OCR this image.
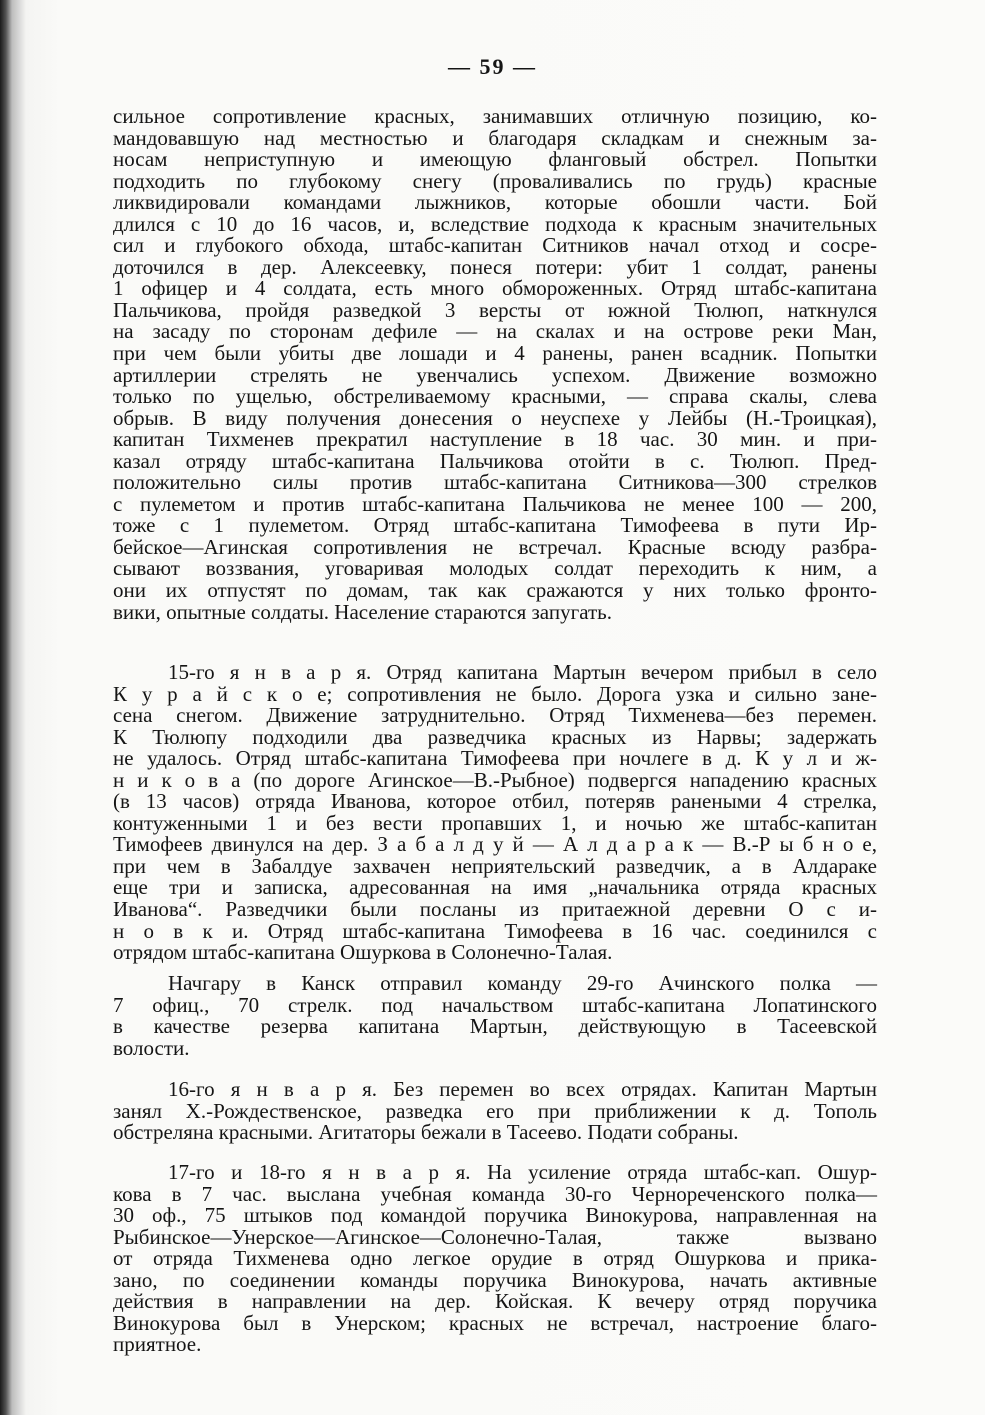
— 59 —
сильное сопротивление красных, занимавших отличную позицию, ко-
мандовавшую над местностью и благодаря складкам и снежным за-
носам неприступную и имеющую фланговый обстрел. Попытки
подходить по глубокому снегу (проваливались по грудь) красные
ликвидировали командами лыжников, которые обошли части. Бой
длился с 10 до 16 часов, и, вследствие подхода к красным значительных
сил и глубокого обхода, штабс-капитан Ситников начал отход и сосре-
доточился в дер. Алексеевку, понеся потери: убит 1 солдат, ранены
1 офицер и 4 солдата, есть много обмороженных. Отряд штабс-капитана
Пальчикова, пройдя разведкой 3 версты от южной Тюлюп, наткнулся
на засаду по сторонам дефиле — на скалах и на острове реки Ман,
при чем были убиты две лошади и 4 ранены, ранен всадник. Попытки
артиллерии стрелять не увенчались успехом. Движение возможно
только по ущелью, обстреливаемому красными, — справа скалы, слева
обрыв. В виду получения донесения о неуспехе у Лейбы (Н.-Троицкая),
капитан Тихменев прекратил наступление в 18 час. 30 мин. и при-
казал отряду штабс-капитана Пальчикова отойти в с. Тюлюп. Пред-
положительно силы против штабс-капитана Ситникова—300 стрелков
с пулеметом и против штабс-капитана Пальчикова не менее 100 — 200,
тоже с 1 пулеметом. Отряд штабс-капитана Тимофеева в пути Ир-
бейское—Агинская сопротивления не встречал. Красные всюду разбра-
сывают воззвания, уговаривая молодых солдат переходить к ним, а
они их отпустят по домам, так как сражаются у них только фронто-
вики, опытные солдаты. Население стараются запугать.
15-го я н в а р я. Отряд капитана Мартын вечером прибыл в село
К у р а й с к о е; сопротивления не было. Дорога узка и сильно зане-
сена снегом. Движение затруднительно. Отряд Тихменева—без перемен.
К Тюлюпу подходили два разведчика красных из Нарвы; задержать
не удалось. Отряд штабс-капитана Тимофеева при ночлеге в д. К у л и ж-
н и к о в а (по дороге Агинское—В.-Рыбное) подвергся нападению красных
(в 13 часов) отряда Иванова, которое отбил, потеряв ранеными 4 стрелка,
контуженными 1 и без вести пропавших 1, и ночью же штабс-капитан
Тимофеев двинулся на дер. З а б а л д у й — А л д а р а к — В.-Р ы б н о е,
при чем в Забалдуе захвачен неприятельский разведчик, а в Алдараке
еще три и записка, адресованная на имя „начальника отряда красных
Иванова“. Разведчики были посланы из притаежной деревни О с и-
н о в к и. Отряд штабс-капитана Тимофеева в 16 час. соединился с
отрядом штабс-капитана Ошуркова в Солонечно-Талая.
Начгару в Канск отправил команду 29-го Ачинского полка —
7 офиц., 70 стрелк. под начальством штабс-капитана Лопатинского
в качестве резерва капитана Мартын, действующую в Тасеевской
волости.
16-го я н в а р я. Без перемен во всех отрядах. Капитан Мартын
занял Х.-Рождественское, разведка его при приближении к д. Тополь
обстреляна красными. Агитаторы бежали в Тасеево. Подати собраны.
17-го и 18-го я н в а р я. На усиление отряда штабс-кап. Ошур-
кова в 7 час. выслана учебная команда 30-го Чернореченского полка—
30 оф., 75 штыков под командой поручика Винокурова, направленная на
Рыбинское—Унерское—Агинское—Солонечно-Талая, также вызвано
от отряда Тихменева одно легкое орудие в отряд Ошуркова и прика-
зано, по соединении команды поручика Винокурова, начать активные
действия в направлении на дер. Койская. К вечеру отряд поручика
Винокурова был в Унерском; красных не встречал, настроение благо-
приятное.
